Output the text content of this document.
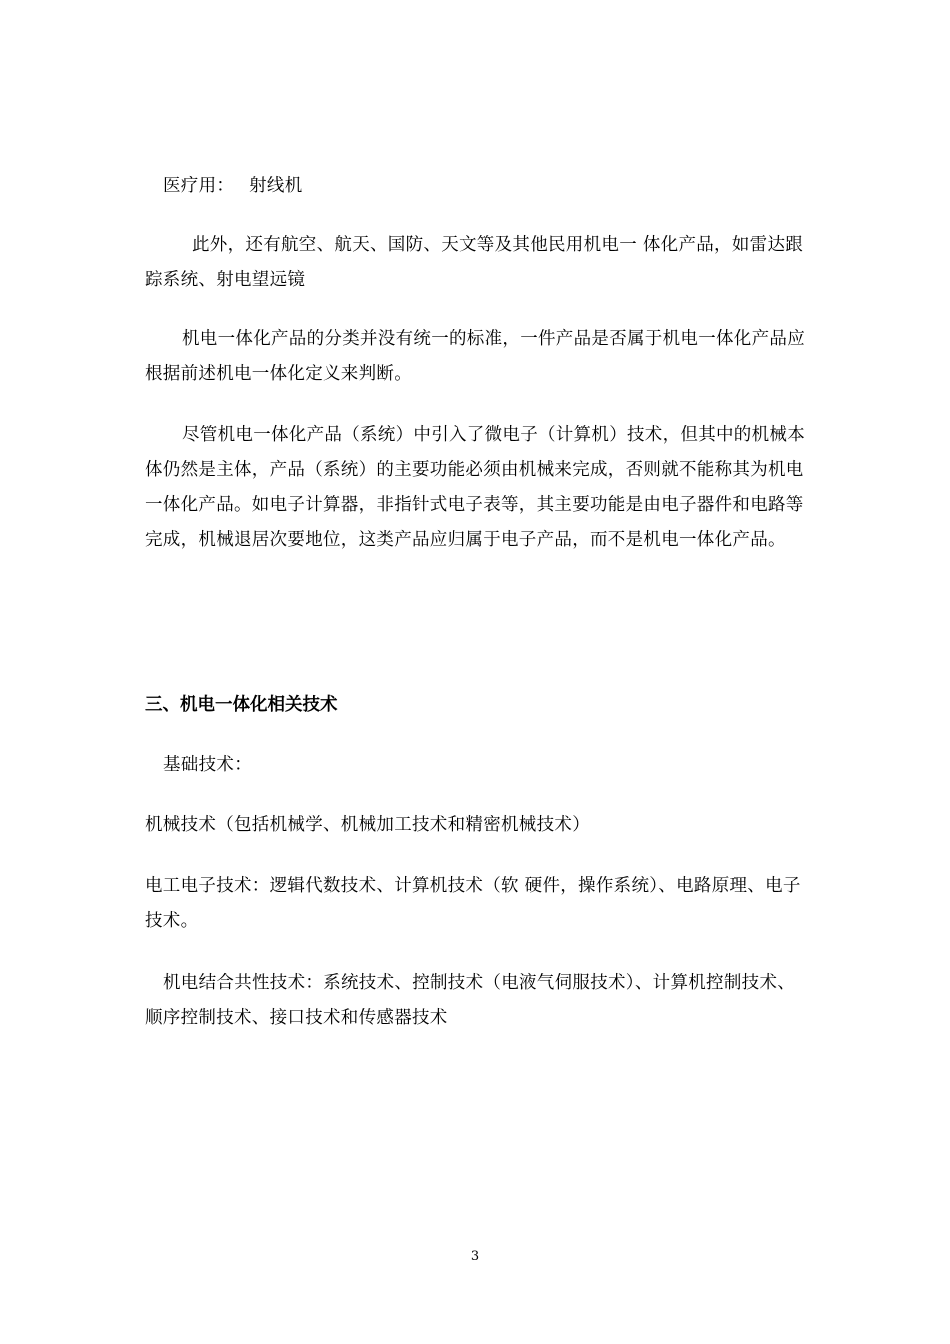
医疗用：　 射线机

此外，还有航空、航天、国防、天文等及其他民用机电一 体化产品，如雷达跟踪系统、射电望远镜

机电一体化产品的分类并没有统一的标准，一件产品是否属于机电一体化产品应根据前述机电一体化定义来判断。

尽管机电一体化产品（系统）中引入了微电子（计算机）技术，但其中的机械本体仍然是主体，产品（系统）的主要功能必须由机械来完成，否则就不能称其为机电一体化产品。如电子计算器，非指针式电子表等，其主要功能是由电子器件和电路等完成，机械退居次要地位，这类产品应归属于电子产品，而不是机电一体化产品。

三、机电一体化相关技术

基础技术：

机械技术（包括机械学、机械加工技术和精密机械技术）

电工电子技术：逻辑代数技术、计算机技术（软 硬件，操作系统）、电路原理、电子技术。

机电结合共性技术：系统技术、控制技术（电液气伺服技术）、计算机控制技术、顺序控制技术、接口技术和传感器技术

3
